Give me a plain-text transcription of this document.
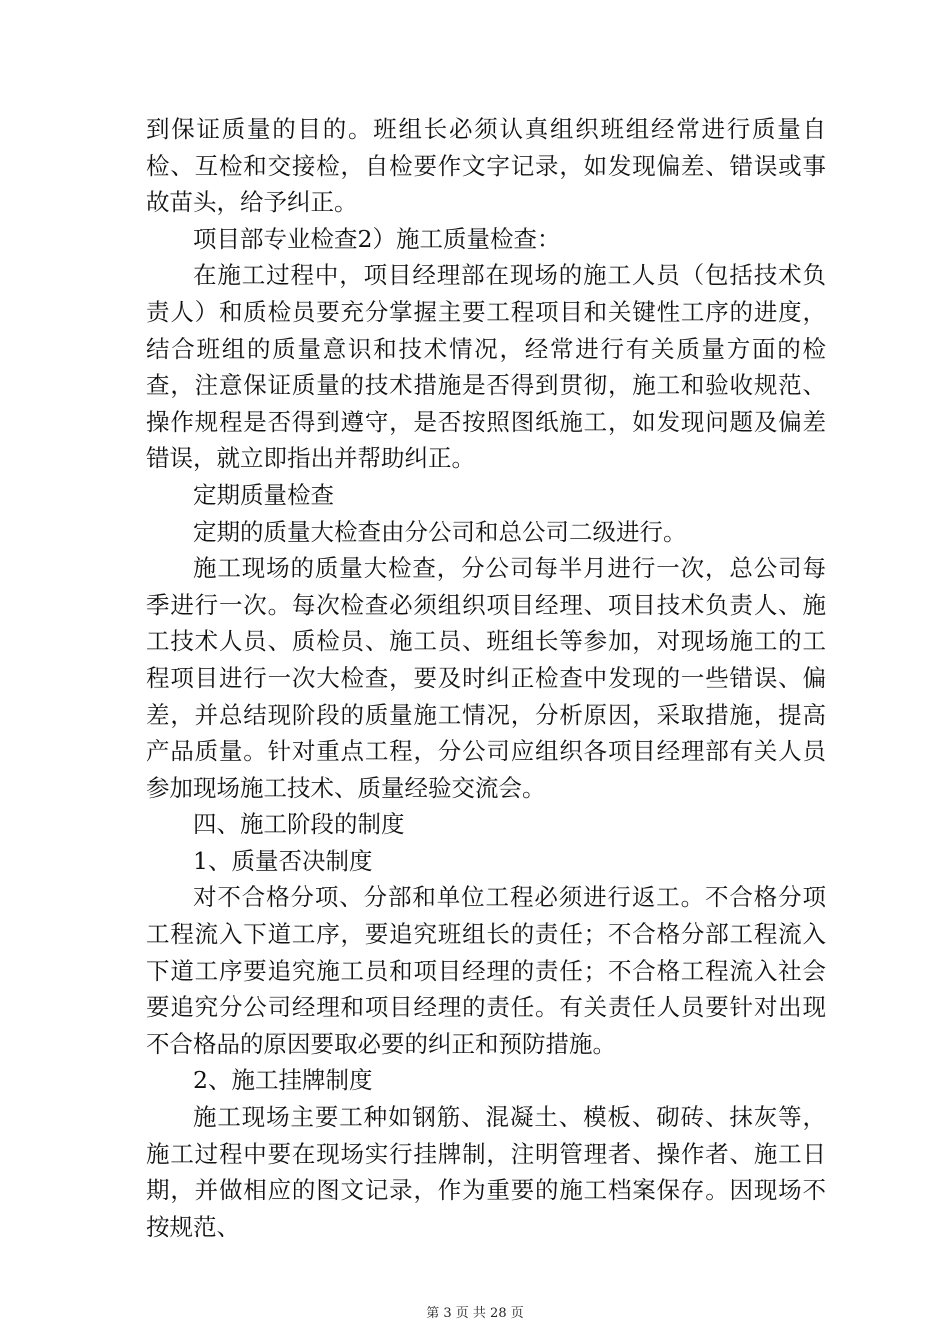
到保证质量的目的。班组长必须认真组织班组经常进行质量自检、互检和交接检，自检要作文字记录，如发现偏差、错误或事故苗头，给予纠正。

项目部专业检查2）施工质量检查：

在施工过程中，项目经理部在现场的施工人员（包括技术负责人）和质检员要充分掌握主要工程项目和关键性工序的进度，结合班组的质量意识和技术情况，经常进行有关质量方面的检查，注意保证质量的技术措施是否得到贯彻，施工和验收规范、操作规程是否得到遵守，是否按照图纸施工，如发现问题及偏差错误，就立即指出并帮助纠正。

定期质量检查

定期的质量大检查由分公司和总公司二级进行。

施工现场的质量大检查，分公司每半月进行一次，总公司每季进行一次。每次检查必须组织项目经理、项目技术负责人、施工技术人员、质检员、施工员、班组长等参加，对现场施工的工程项目进行一次大检查，要及时纠正检查中发现的一些错误、偏差，并总结现阶段的质量施工情况，分析原因，采取措施，提高产品质量。针对重点工程，分公司应组织各项目经理部有关人员参加现场施工技术、质量经验交流会。

四、施工阶段的制度

1、质量否决制度

对不合格分项、分部和单位工程必须进行返工。不合格分项工程流入下道工序，要追究班组长的责任；不合格分部工程流入下道工序要追究施工员和项目经理的责任；不合格工程流入社会要追究分公司经理和项目经理的责任。有关责任人员要针对出现不合格品的原因要取必要的纠正和预防措施。

2、施工挂牌制度

施工现场主要工种如钢筋、混凝土、模板、砌砖、抹灰等，施工过程中要在现场实行挂牌制，注明管理者、操作者、施工日期，并做相应的图文记录，作为重要的施工档案保存。因现场不按规范、

第 3 页 共 28 页
